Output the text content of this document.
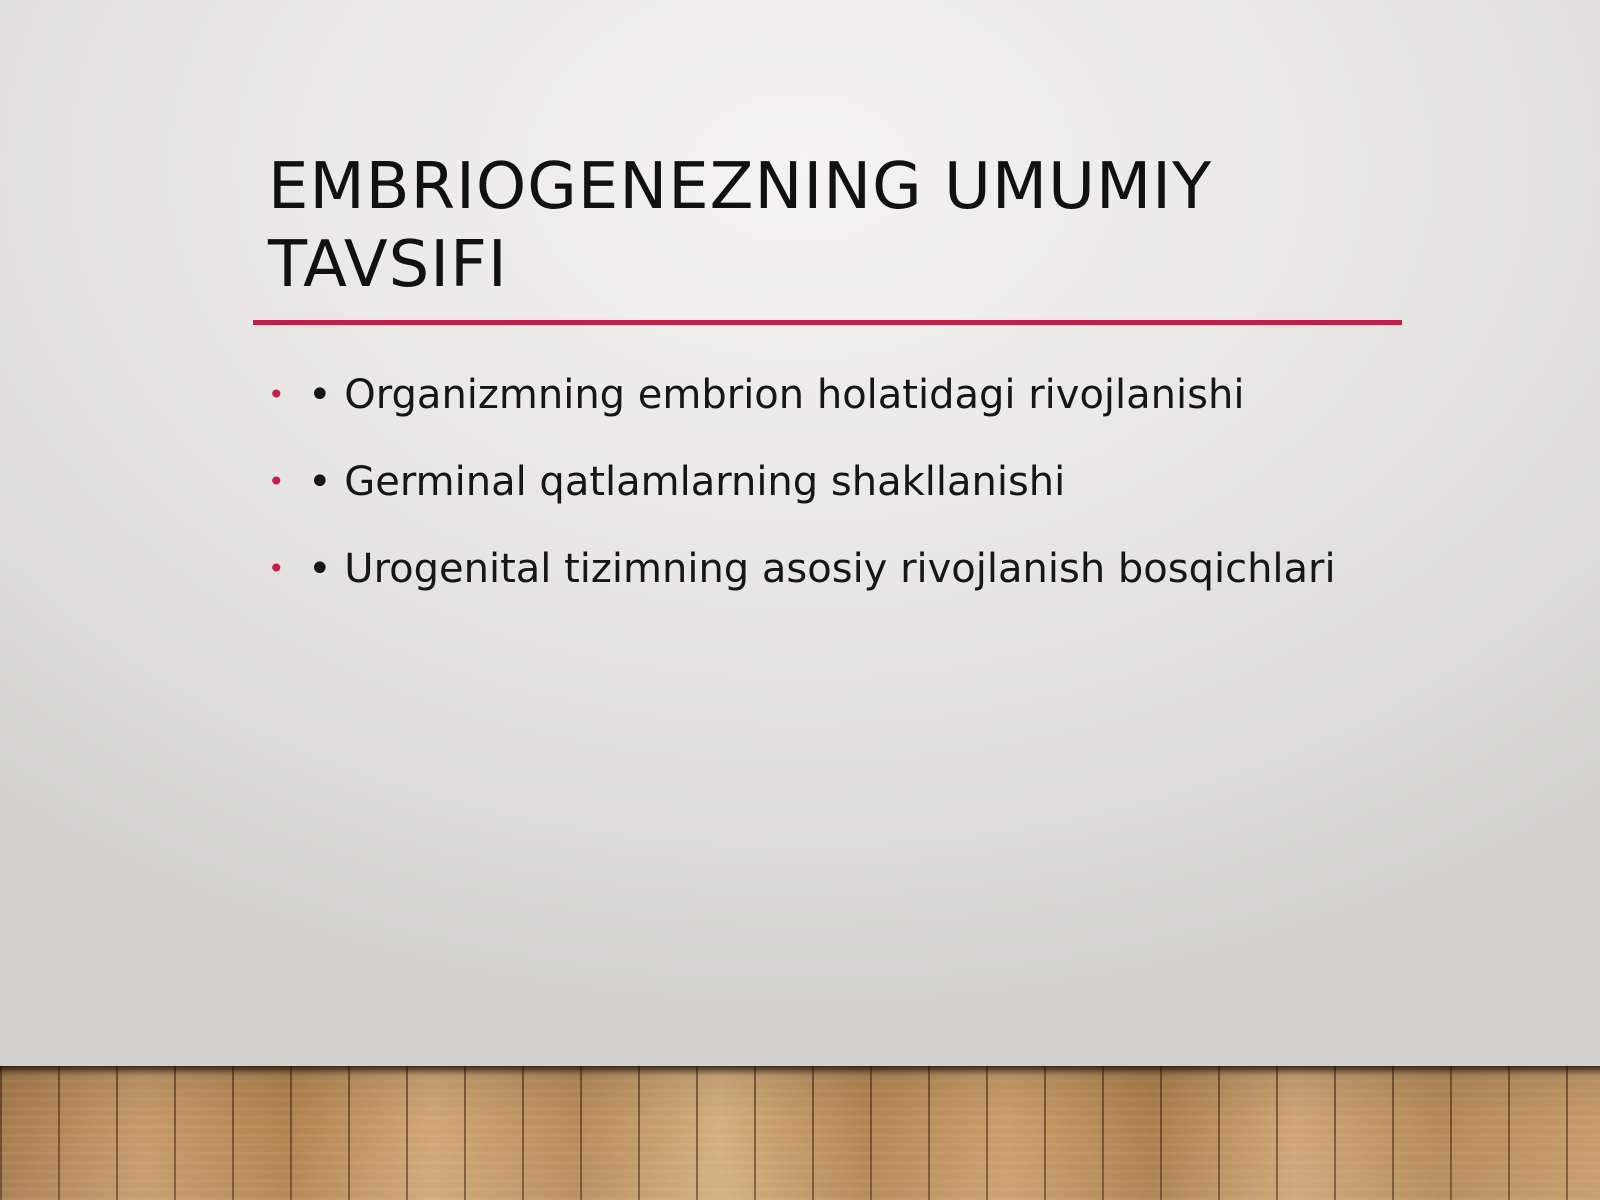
EMBRIOGENEZNING UMUMIY TAVSIFI
• • Organizmning embrion holatidagi rivojlanishi
• • Germinal qatlamlarning shakllanishi
• • Urogenital tizimning asosiy rivojlanish bosqichlari
